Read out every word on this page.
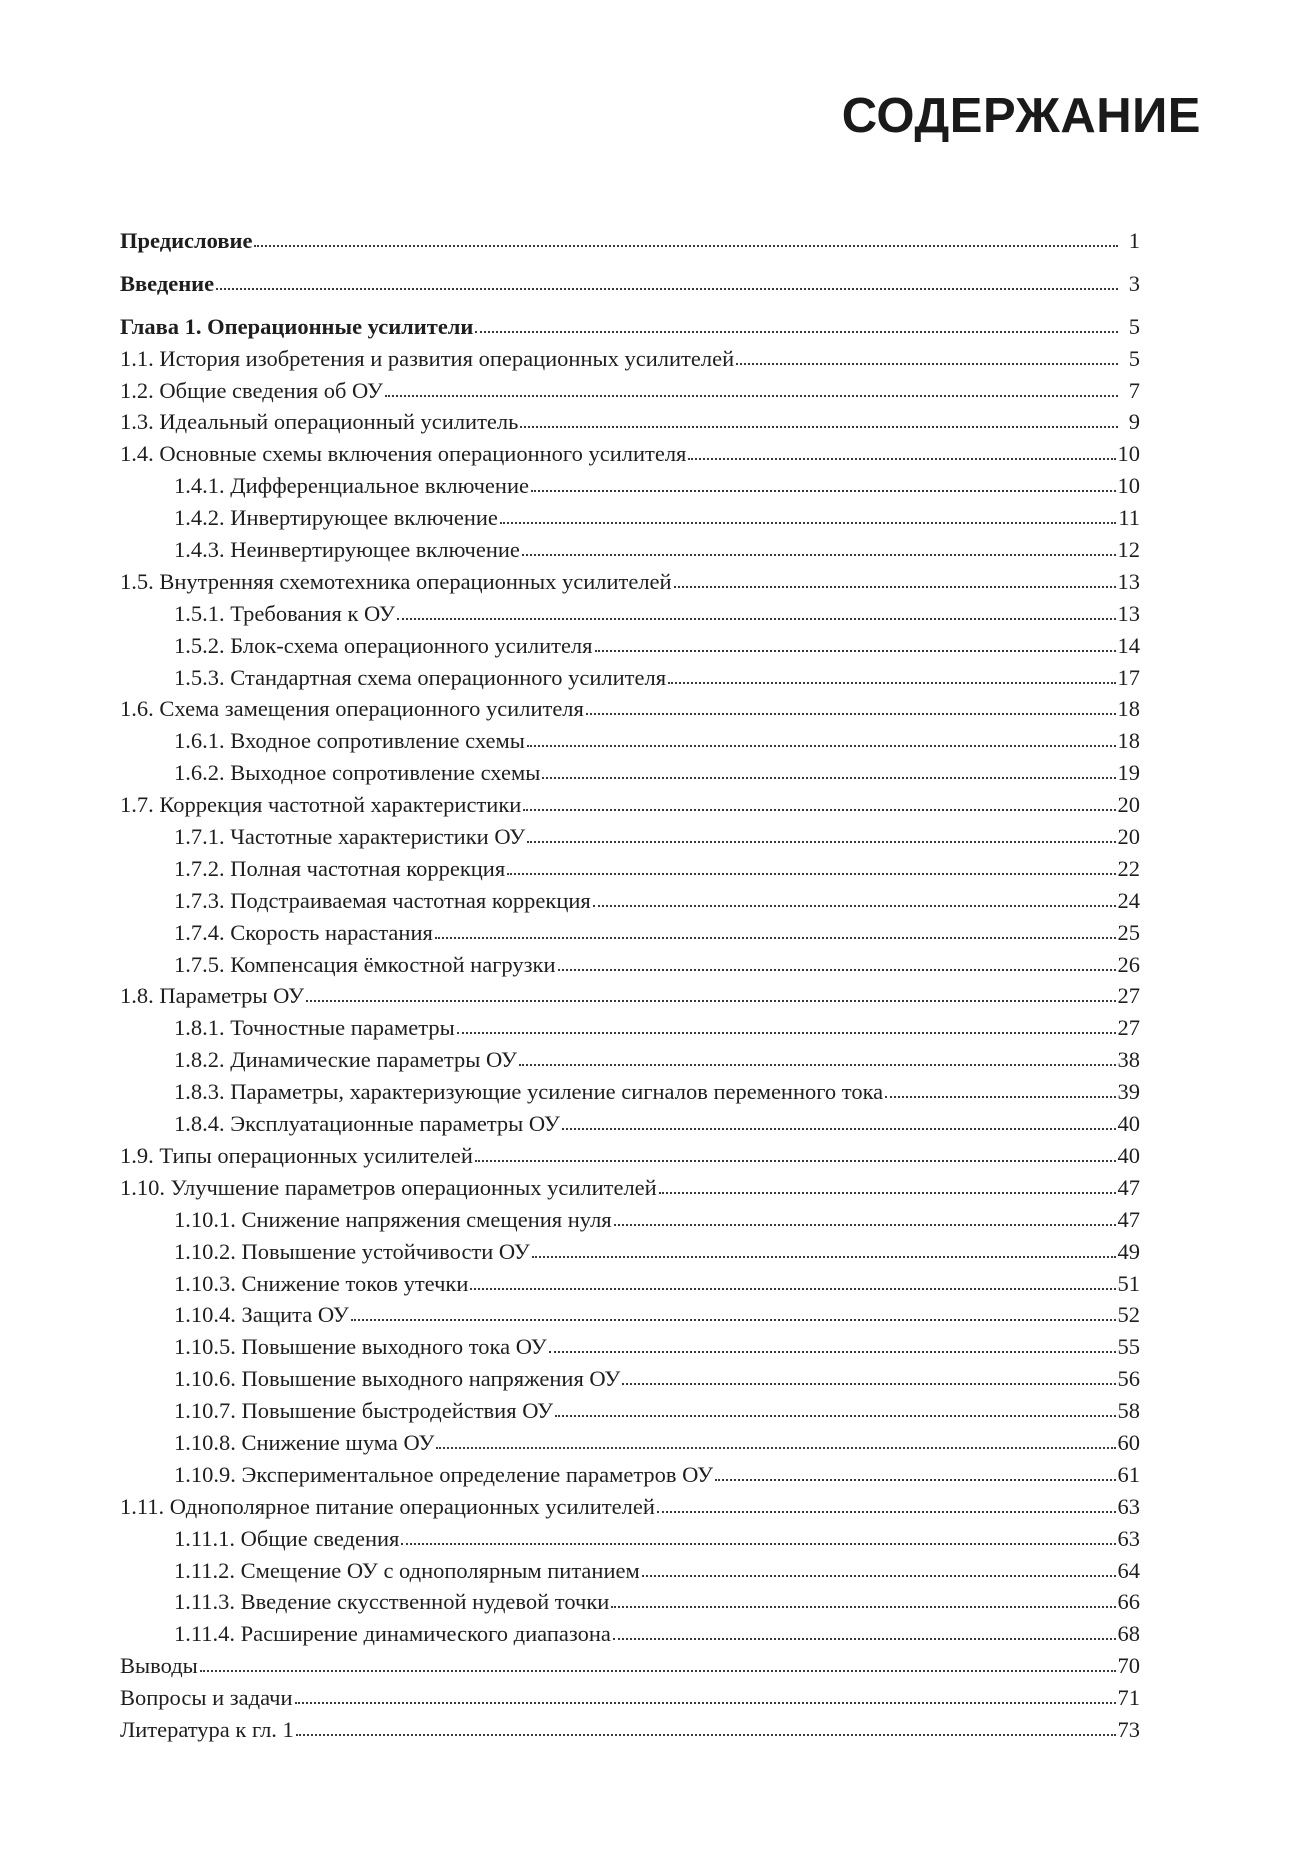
СОДЕРЖАНИЕ
Предисловие	1
Введение	3
Глава 1. Операционные усилители	5
1.1. История изобретения и развития операционных усилителей	5
1.2. Общие сведения об ОУ	7
1.3. Идеальный операционный усилитель	9
1.4. Основные схемы включения операционного усилителя	10
1.4.1. Дифференциальное включение	10
1.4.2. Инвертирующее включение	11
1.4.3. Неинвертирующее включение	12
1.5. Внутренняя схемотехника операционных усилителей	13
1.5.1. Требования к ОУ	13
1.5.2. Блок-схема операционного усилителя	14
1.5.3. Стандартная схема операционного усилителя	17
1.6. Схема замещения операционного усилителя	18
1.6.1. Входное сопротивление схемы	18
1.6.2. Выходное сопротивление схемы	19
1.7. Коррекция частотной характеристики	20
1.7.1. Частотные характеристики ОУ	20
1.7.2. Полная частотная коррекция	22
1.7.3. Подстраиваемая частотная коррекция	24
1.7.4. Скорость нарастания	25
1.7.5. Компенсация ёмкостной нагрузки	26
1.8. Параметры ОУ	27
1.8.1. Точностные параметры	27
1.8.2. Динамические параметры ОУ	38
1.8.3. Параметры, характеризующие усиление сигналов переменного тока	39
1.8.4. Эксплуатационные параметры ОУ	40
1.9. Типы операционных усилителей	40
1.10. Улучшение параметров операционных усилителей	47
1.10.1. Снижение напряжения смещения нуля	47
1.10.2. Повышение устойчивости ОУ	49
1.10.3. Снижение токов утечки	51
1.10.4. Защита ОУ	52
1.10.5. Повышение выходного тока ОУ	55
1.10.6. Повышение выходного напряжения ОУ	56
1.10.7. Повышение быстродействия ОУ	58
1.10.8. Снижение шума ОУ	60
1.10.9. Экспериментальное определение параметров ОУ	61
1.11. Однополярное питание операционных усилителей	63
1.11.1. Общие сведения	63
1.11.2. Смещение ОУ с однополярным питанием	64
1.11.3. Введение скусственной нудевой точки	66
1.11.4. Расширение динамического диапазона	68
Выводы	70
Вопросы и задачи	71
Литература к гл. 1	73
